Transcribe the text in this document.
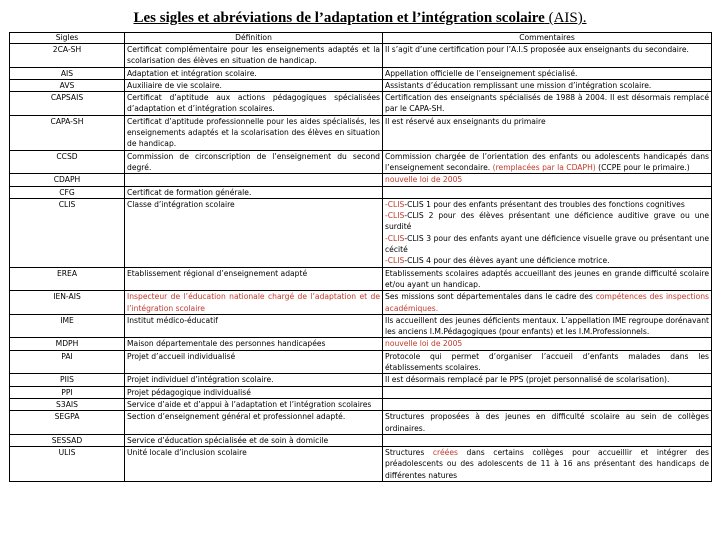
Les sigles et abréviations de l’adaptation et l’intégration scolaire (AIS).
Sigles	Définition	Commentaires
2CA-SH	Certificat complémentaire pour les enseignements adaptés et la scolarisation des élèves en situation de handicap.	Il s’agit d’une certification pour l’A.I.S proposée aux enseignants du secondaire.
AIS	Adaptation et intégration scolaire.	Appellation officielle de l’enseignement spécialisé.
AVS	Auxiliaire de vie scolaire.	Assistants d’éducation remplissant une mission d’intégration scolaire.
CAPSAIS	Certificat d’aptitude aux actions pédagogiques spécialisées d’adaptation et d’intégration scolaires.	Certification des enseignants spécialisés de 1988 à 2004. Il est désormais remplacé par le CAPA-SH.
CAPA-SH	Certificat d’aptitude professionnelle pour les aides spécialisés, les enseignements adaptés et la scolarisation des élèves en situation de handicap.	Il est réservé aux enseignants du primaire
CCSD	Commission de circonscription de l’enseignement du second degré.	Commission chargée de l’orientation des enfants ou adolescents handicapés dans l’enseignement secondaire. (remplacées par la CDAPH) (CCPE pour le primaire.)
CDAPH		nouvelle loi de 2005
CFG	Certificat de formation générale.	
CLIS	Classe d’intégration scolaire	-CLIS-CLIS 1 pour des enfants présentant des troubles des fonctions cognitives
-CLIS-CLIS 2 pour des élèves présentant une déficience auditive grave ou une surdité
-CLIS-CLIS 3 pour des enfants ayant une déficience visuelle grave ou présentant une cécité
-CLIS-CLIS 4 pour des élèves ayant une déficience motrice.

EREA	Etablissement régional d’enseignement adapté	Etablissements scolaires adaptés accueillant des jeunes en grande difficulté scolaire et/ou ayant un handicap.
IEN-AIS	Inspecteur de l’éducation nationale chargé de l’adaptation et de l’intégration scolaire	Ses missions sont départementales dans le cadre des compétences des inspections académiques.
IME	Institut médico-éducatif	Ils accueillent des jeunes déficients mentaux. L’appellation IME regroupe dorénavant les anciens I.M.Pédagogiques (pour enfants) et les I.M.Professionnels.
MDPH	Maison départementale des personnes handicapées	nouvelle loi de 2005
PAI	Projet d’accueil individualisé	Protocole qui permet d’organiser l’accueil d’enfants malades dans les établissements scolaires.
PIIS	Projet individuel d’intégration scolaire.	Il est désormais remplacé par le PPS (projet personnalisé de scolarisation).
PPI	Projet pédagogique individualisé	
S3AIS	Service d’aide et d’appui à l’adaptation et l’intégration scolaires	
SEGPA	Section d’enseignement général et professionnel adapté.	Structures proposées à des jeunes en difficulté scolaire au sein de collèges ordinaires.
SESSAD	Service d’éducation spécialisée et de soin à domicile	
ULIS	Unité locale d’inclusion scolaire	Structures créées dans certains collèges pour accueillir et intégrer des préadolescents ou des adolescents de 11 à 16 ans présentant des handicaps de différentes natures
